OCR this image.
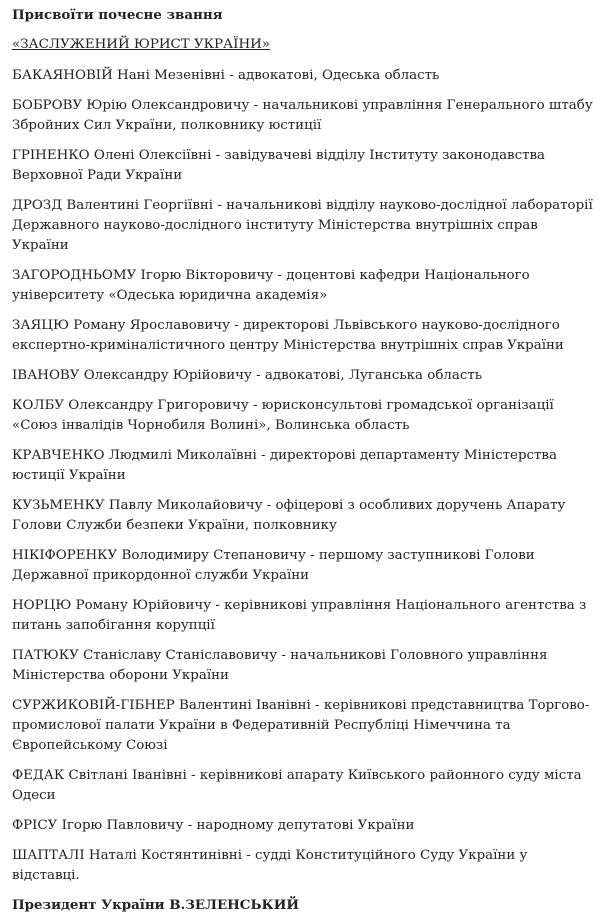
Присвоїти почесне звання

«ЗАСЛУЖЕНИЙ ЮРИСТ УКРАЇНИ»

БАКАЯНОВІЙ Нані Мезенівні - адвокатові, Одеська область

БОБРОВУ Юрію Олександровичу - начальникові управління Генерального штабу Збройних Сил України, полковнику юстиції

ГРІНЕНКО Олені Олексіївні - завідувачеві відділу Інституту законодавства Верховної Ради України

ДРОЗД Валентині Георгіївні - начальникові відділу науково-дослідної лабораторії Державного науково-дослідного інституту Міністерства внутрішніх справ України

ЗАГОРОДНЬОМУ Ігорю Вікторовичу - доцентові кафедри Національного університету «Одеська юридична академія»

ЗАЯЦЮ Роману Ярославовичу - директорові Львівського науково-дослідного експертно-криміналістичного центру Міністерства внутрішніх справ України

ІВАНОВУ Олександру Юрійовичу - адвокатові, Луганська область

КОЛБУ Олександру Григоровичу - юрисконсультові громадської організації «Союз інвалідів Чорнобиля Волині», Волинська область

КРАВЧЕНКО Людмилі Миколаївні - директорові департаменту Міністерства юстиції України

КУЗЬМЕНКУ Павлу Миколайовичу - офіцерові з особливих доручень Апарату Голови Служби безпеки України, полковнику

НІКІФОРЕНКУ Володимиру Степановичу - першому заступникові Голови Державної прикордонної служби України

НОРЦЮ Роману Юрійовичу - керівникові управління Національного агентства з питань запобігання корупції

ПАТЮКУ Станіславу Станіславовичу - начальникові Головного управління Міністерства оборони України

СУРЖИКОВІЙ-ГІБНЕР Валентині Іванівні - керівникові представництва Торгово-промислової палати України в Федеративній Республіці Німеччина та Європейському Союзі

ФЕДАК Світлані Іванівні - керівникові апарату Київського районного суду міста Одеси

ФРІСУ Ігорю Павловичу - народному депутатові України

ШАПТАЛІ Наталі Костянтинівні - судді Конституційного Суду України у відставці.

Президент України В.ЗЕЛЕНСЬКИЙ
